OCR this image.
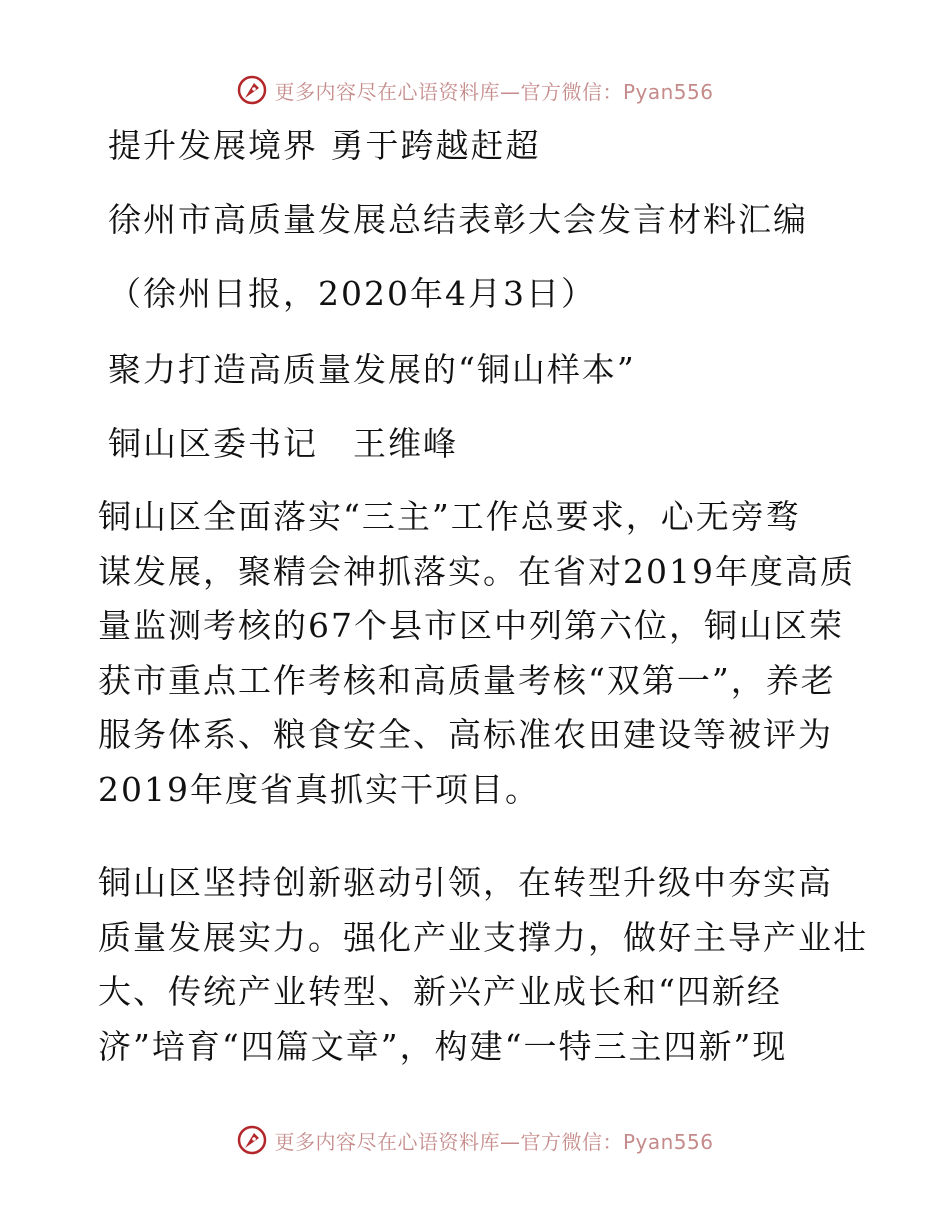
更多内容尽在心语资料库—官方微信：Pyan556
提升发展境界 勇于跨越赶超
徐州市高质量发展总结表彰大会发言材料汇编
（徐州日报，2020年4月3日）
聚力打造高质量发展的“铜山样本”
铜山区委书记　王维峰
铜山区全面落实“三主”工作总要求，心无旁骛
谋发展，聚精会神抓落实。在省对2019年度高质
量监测考核的67个县市区中列第六位，铜山区荣
获市重点工作考核和高质量考核“双第一”，养老
服务体系、粮食安全、高标准农田建设等被评为
2019年度省真抓实干项目。
铜山区坚持创新驱动引领，在转型升级中夯实高
质量发展实力。强化产业支撑力，做好主导产业壮
大、传统产业转型、新兴产业成长和“四新经
济”培育“四篇文章”，构建“一特三主四新”现
更多内容尽在心语资料库—官方微信：Pyan556
